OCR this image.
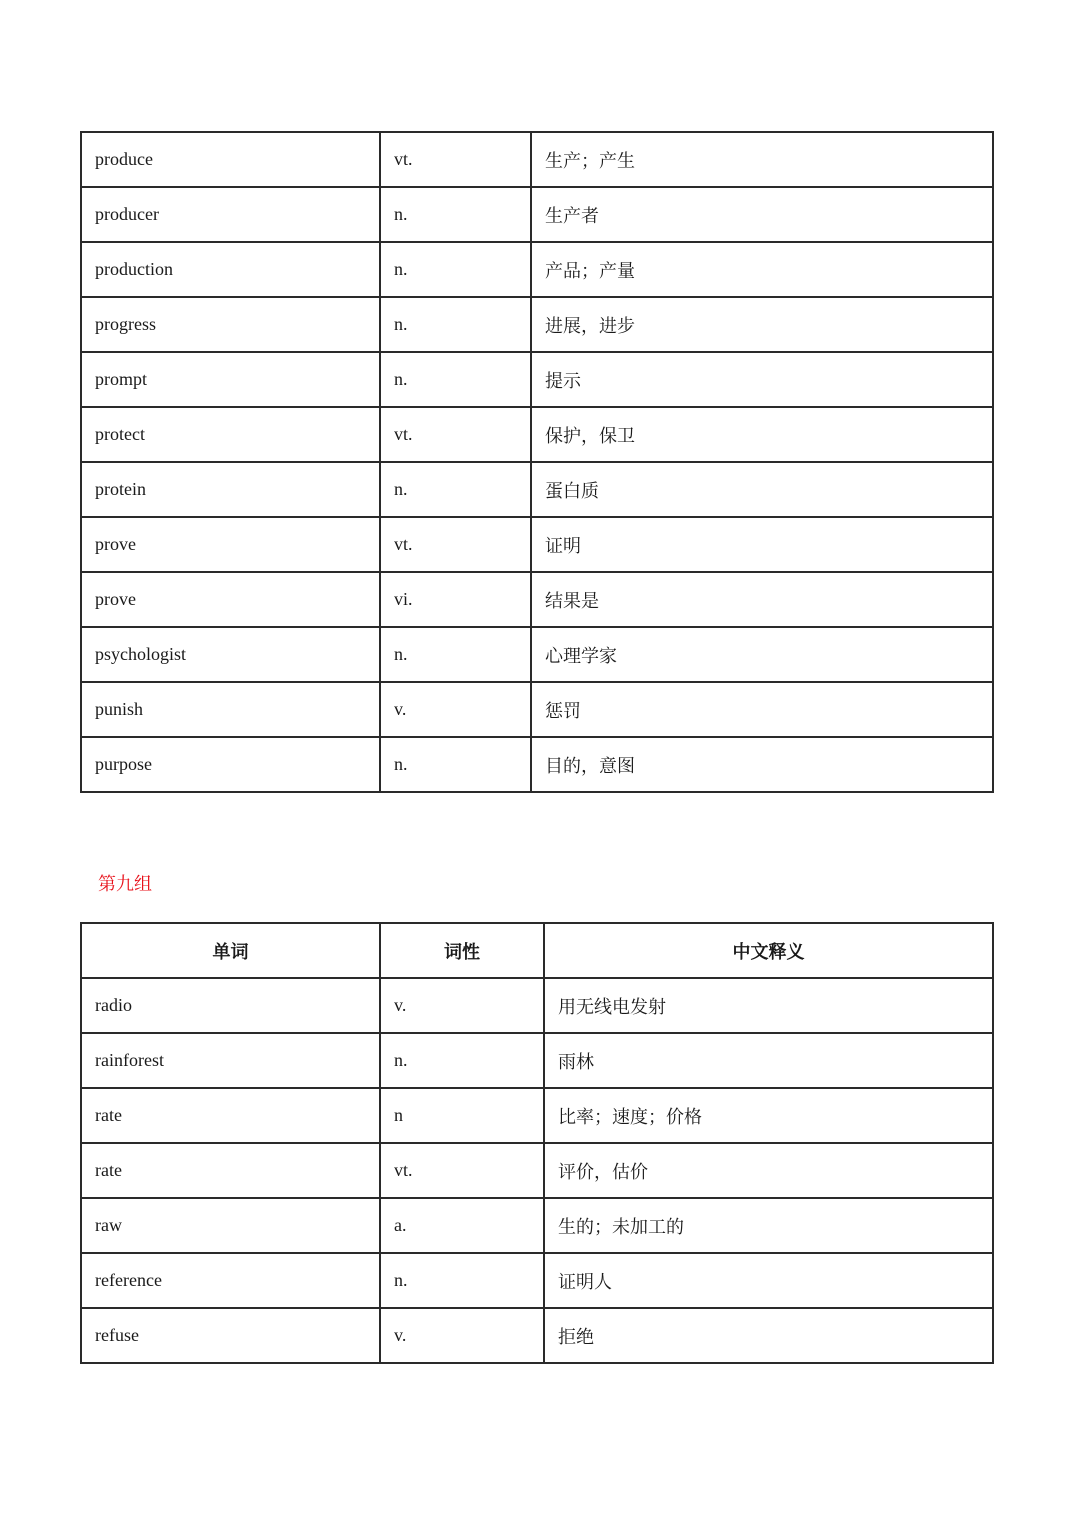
produce	vt.	生产；产生
producer	n.	生产者
production	n.	产品；产量
progress	n.	进展，进步
prompt	n.	提示
protect	vt.	保护，保卫
protein	n.	蛋白质
prove	vt.	证明
prove	vi.	结果是
psychologist	n.	心理学家
punish	v.	惩罚
purpose	n.	目的，意图
第九组
单词	词性	中文释义
radio	v.	用无线电发射
rainforest	n.	雨林
rate	n	比率；速度；价格
rate	vt.	评价，估价
raw	a.	生的；未加工的
reference	n.	证明人
refuse	v.	拒绝
